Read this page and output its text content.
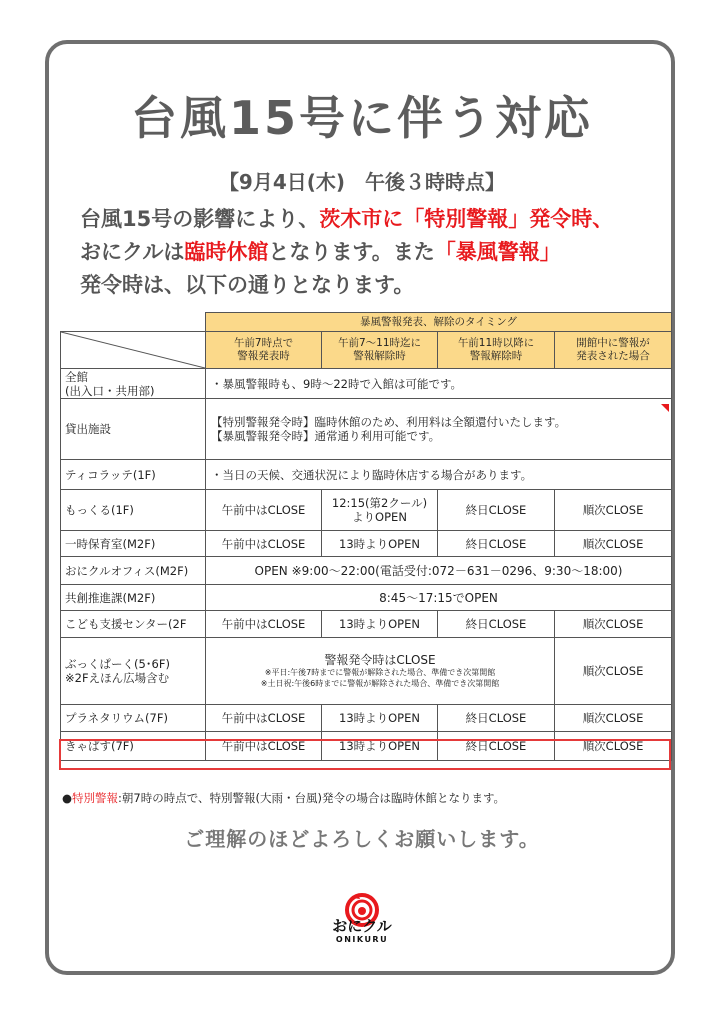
台風15号に伴う対応
【9月4日(木)　午後３時時点】
台風15号の影響により、茨木市に「特別警報」発令時、
おにクルは臨時休館となります。また「暴風警報」
発令時は、以下の通りとなります。
	暴風警報発表、解除のタイミング			

	午前7時点で
警報発表時	午前7～11時迄に
警報解除時	午前11時以降に
警報解除時	開館中に警報が
発表された場合
全館
(出入口・共用部)	・暴風警報時も、9時～22時で入館は可能です。			
貸出施設	【特別警報発令時】臨時休館のため、利用料は全額還付いたします。
【暴風警報発令時】通常通り利用可能です。			

ティコラッテ(1F)	・当日の天候、交通状況により臨時休店する場合があります。			
もっくる(1F)	午前中はCLOSE	12:15(第2クール)
よりOPEN	終日CLOSE	順次CLOSE
一時保育室(M2F)	午前中はCLOSE	13時よりOPEN	終日CLOSE	順次CLOSE
おにクルオフィス(M2F)	OPEN ※9:00～22:00(電話受付:072－631－0296、9:30～18:00)			
共創推進課(M2F)	8:45～17:15でOPEN			
こども支援センター(2F	午前中はCLOSE	13時よりOPEN	終日CLOSE	順次CLOSE
ぶっくぱーく(5･6F)
※2Fえほん広場含む	警報発令時はCLOSE
※平日:午後7時までに警報が解除された場合、準備でき次第開館
※土日祝:午後6時までに警報が解除された場合、準備でき次第開館			順次CLOSE
プラネタリウム(7F)	午前中はCLOSE	13時よりOPEN	終日CLOSE	順次CLOSE
きゃぱす(7F)	午前中はCLOSE	13時よりOPEN	終日CLOSE	順次CLOSE
●特別警報:朝7時の時点で、特別警報(大雨・台風)発令の場合は臨時休館となります。
ご理解のほどよろしくお願いします。
おにクル
ONIKURU
